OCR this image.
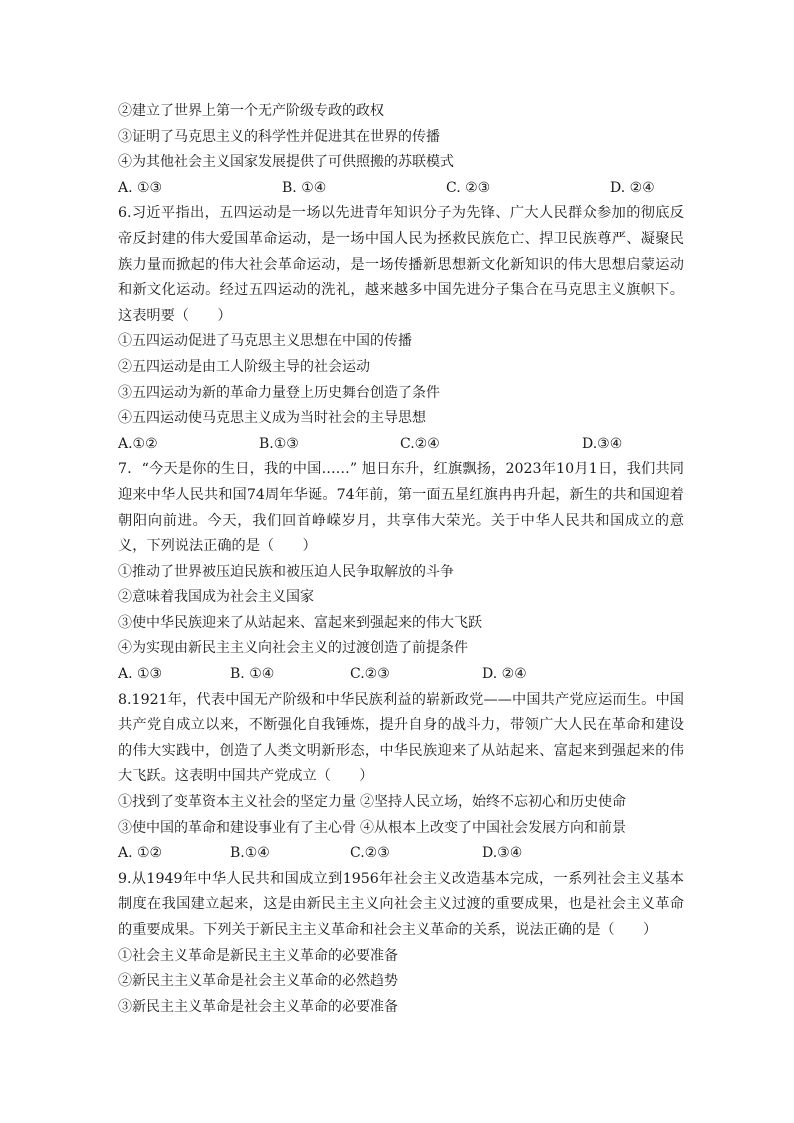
②建立了世界上第一个无产阶级专政的政权
③证明了马克思主义的科学性并促进其在世界的传播
④为其他社会主义国家发展提供了可供照搬的苏联模式
A. ①③	B. ①④	C. ②③	D. ②④
6.习近平指出，五四运动是一场以先进青年知识分子为先锋、广大人民群众参加的彻底反帝反封建的伟大爱国革命运动，是一场中国人民为拯救民族危亡、捍卫民族尊严、凝聚民族力量而掀起的伟大社会革命运动，是一场传播新思想新文化新知识的伟大思想启蒙运动和新文化运动。经过五四运动的洗礼，越来越多中国先进分子集合在马克思主义旗帜下。这表明要（　　）
①五四运动促进了马克思主义思想在中国的传播
②五四运动是由工人阶级主导的社会运动
③五四运动为新的革命力量登上历史舞台创造了条件
④五四运动使马克思主义成为当时社会的主导思想
A.①②	B.①③	C.②④	D.③④
7．“今天是你的生日，我的中国……” 旭日东升，红旗飘扬，2023年10月1日，我们共同迎来中华人民共和国74周年华诞。74年前，第一面五星红旗冉冉升起，新生的共和国迎着朝阳向前进。今天，我们回首峥嵘岁月，共享伟大荣光。关于中华人民共和国成立的意义，下列说法正确的是（　　）
①推动了世界被压迫民族和被压迫人民争取解放的斗争
②意味着我国成为社会主义国家
③使中华民族迎来了从站起来、富起来到强起来的伟大飞跃
④为实现由新民主主义向社会主义的过渡创造了前提条件
A. ①③	B. ①④	C.②③	D. ②④
8.1921年，代表中国无产阶级和中华民族利益的崭新政党——中国共产党应运而生。中国共产党自成立以来，不断强化自我锤炼，提升自身的战斗力，带领广大人民在革命和建设的伟大实践中，创造了人类文明新形态，中华民族迎来了从站起来、富起来到强起来的伟大飞跃。这表明中国共产党成立（　　）
①找到了变革资本主义社会的坚定力量 ②坚持人民立场，始终不忘初心和历史使命
③使中国的革命和建设事业有了主心骨 ④从根本上改变了中国社会发展方向和前景
A. ①②	B.①④	C.②③	D.③④
9.从1949年中华人民共和国成立到1956年社会主义改造基本完成，一系列社会主义基本制度在我国建立起来，这是由新民主主义向社会主义过渡的重要成果，也是社会主义革命的重要成果。下列关于新民主主义革命和社会主义革命的关系，说法正确的是（　　）
①社会主义革命是新民主主义革命的必要准备
②新民主主义革命是社会主义革命的必然趋势
③新民主主义革命是社会主义革命的必要准备
